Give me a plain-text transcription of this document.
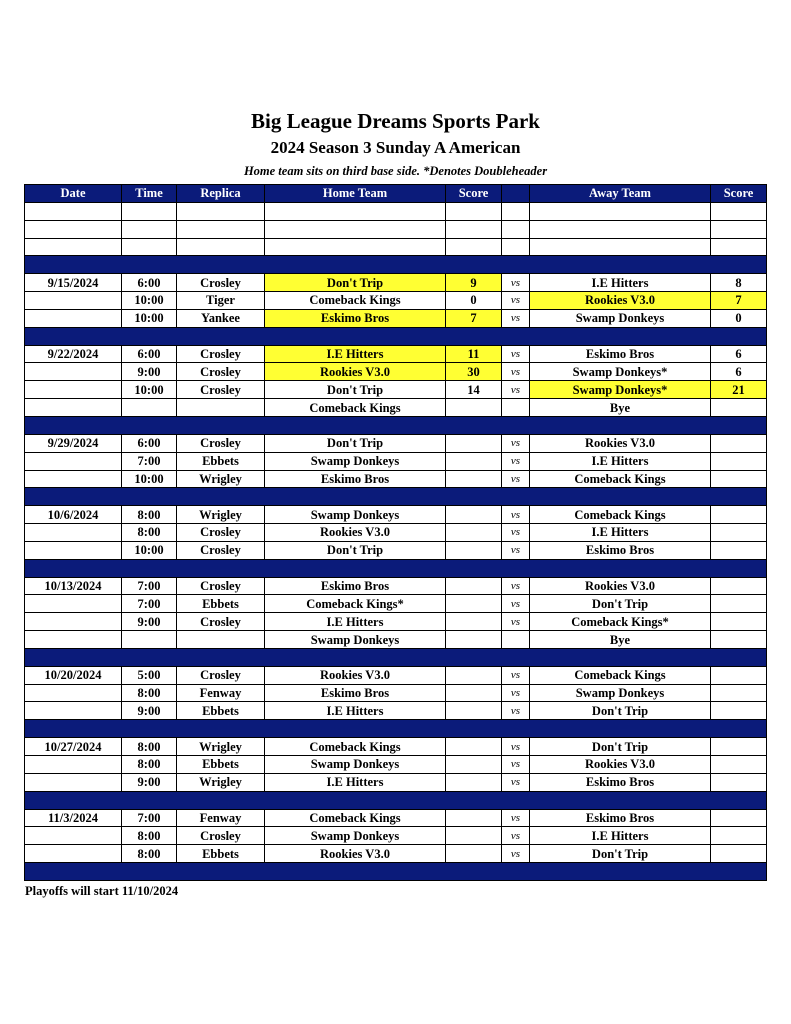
Big League Dreams Sports Park
2024 Season 3 Sunday A American
Home team sits on third base side. *Denotes Doubleheader
Date	Time	Replica	Home Team	Score		Away Team	Score

9/15/2024	6:00	Crosley	Don't Trip	9	vs	I.E Hitters	8
	10:00	Tiger	Comeback Kings	0	vs	Rookies V3.0	7
	10:00	Yankee	Eskimo Bros	7	vs	Swamp Donkeys	0

9/22/2024	6:00	Crosley	I.E Hitters	11	vs	Eskimo Bros	6
	9:00	Crosley	Rookies V3.0	30	vs	Swamp Donkeys*	6
	10:00	Crosley	Don't Trip	14	vs	Swamp Donkeys*	21
			Comeback Kings			Bye	

9/29/2024	6:00	Crosley	Don't Trip		vs	Rookies V3.0	
	7:00	Ebbets	Swamp Donkeys		vs	I.E Hitters	
	10:00	Wrigley	Eskimo Bros		vs	Comeback Kings	

10/6/2024	8:00	Wrigley	Swamp Donkeys		vs	Comeback Kings	
	8:00	Crosley	Rookies V3.0		vs	I.E Hitters	
	10:00	Crosley	Don't Trip		vs	Eskimo Bros	

10/13/2024	7:00	Crosley	Eskimo Bros		vs	Rookies V3.0	
	7:00	Ebbets	Comeback Kings*		vs	Don't Trip	
	9:00	Crosley	I.E Hitters		vs	Comeback Kings*	
			Swamp Donkeys			Bye	

10/20/2024	5:00	Crosley	Rookies V3.0		vs	Comeback Kings	
	8:00	Fenway	Eskimo Bros		vs	Swamp Donkeys	
	9:00	Ebbets	I.E Hitters		vs	Don't Trip	

10/27/2024	8:00	Wrigley	Comeback Kings		vs	Don't Trip	
	8:00	Ebbets	Swamp Donkeys		vs	Rookies V3.0	
	9:00	Wrigley	I.E Hitters		vs	Eskimo Bros	

11/3/2024	7:00	Fenway	Comeback Kings		vs	Eskimo Bros	
	8:00	Crosley	Swamp Donkeys		vs	I.E Hitters	
	8:00	Ebbets	Rookies V3.0		vs	Don't Trip	

Playoffs will start 11/10/2024
